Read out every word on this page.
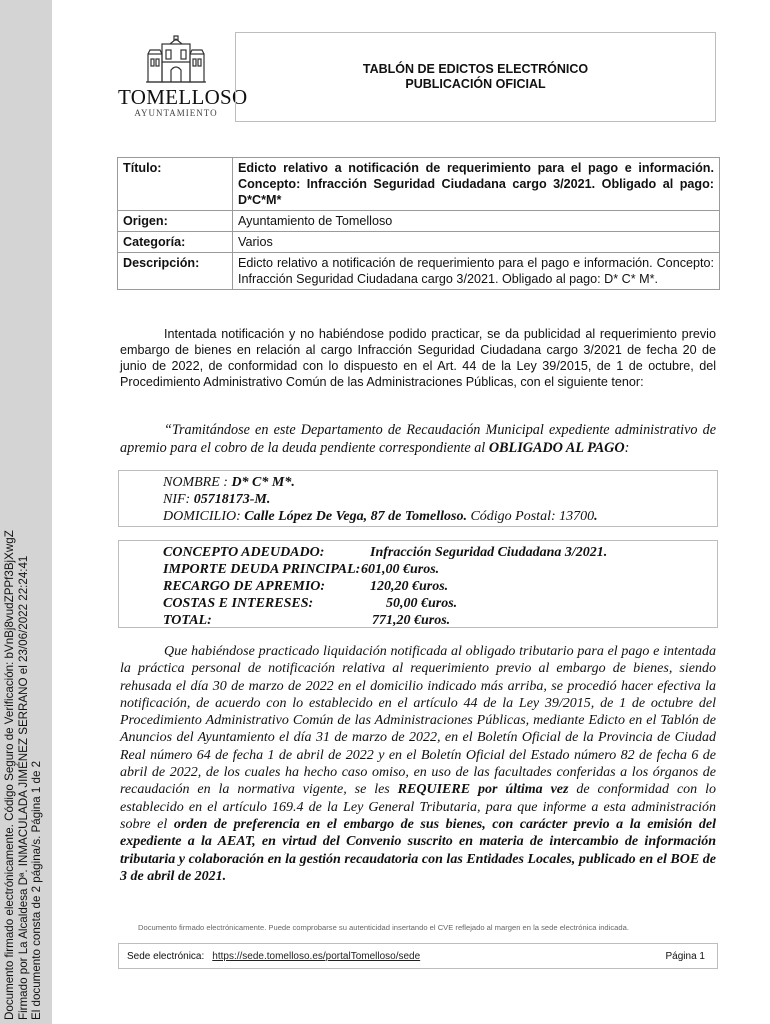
Documento firmado electrónicamente. Código Seguro de Verificación: bVnBj8vudZPPf3BjXwgZ Firmado por La Alcaldesa Dª. INMACULADA JIMÉNEZ SERRANO el 23/06/2022 22:24:41 El documento consta de 2 página/s. Página 1 de 2
TOMELLOSO
AYUNTAMIENTO
TABLÓN DE EDICTOS ELECTRÓNICO
PUBLICACIÓN OFICIAL
Título:	Edicto relativo a notificación de requerimiento para el pago e información. Concepto: Infracción Seguridad Ciudadana cargo 3/2021. Obligado al pago: D*C*M*
Origen:	Ayuntamiento de Tomelloso
Categoría:	Varios
Descripción:	Edicto relativo a notificación de requerimiento para el pago e información. Concepto: Infracción Seguridad Ciudadana cargo 3/2021. Obligado al pago: D* C* M*.

Intentada notificación y no habiéndose podido practicar, se da publicidad al requerimiento previo embargo de bienes en relación al cargo Infracción Seguridad Ciudadana cargo 3/2021 de fecha 20 de junio de 2022, de conformidad con lo dispuesto en el Art. 44 de la Ley 39/2015, de 1 de octubre, del Procedimiento Administrativo Común de las Administraciones Públicas, con el siguiente tenor:

“Tramitándose en este Departamento de Recaudación Municipal expediente administrativo de apremio para el cobro de la deuda pendiente correspondiente al OBLIGADO AL PAGO:

NOMBRE : D* C* M*.
NIF: 05718173-M.
DOMICILIO: Calle López De Vega, 87 de Tomelloso. Código Postal: 13700.
CONCEPTO ADEUDADO:	Infracción Seguridad Ciudadana 3/2021.
IMPORTE DEUDA PRINCIPAL: 601,00 €uros.
RECARGO DE APREMIO:	120,20 €uros.
COSTAS E INTERESES:	50,00 €uros.
TOTAL:	771,20 €uros.

Que habiéndose practicado liquidación notificada al obligado tributario para el pago e intentada la práctica personal de notificación relativa al requerimiento previo al embargo de bienes, siendo rehusada el día 30 de marzo de 2022 en el domicilio indicado más arriba, se procedió hacer efectiva la notificación, de acuerdo con lo establecido en el artículo 44 de la Ley 39/2015, de 1 de octubre del Procedimiento Administrativo Común de las Administraciones Públicas, mediante Edicto en el Tablón de Anuncios del Ayuntamiento el día 31 de marzo de 2022, en el Boletín Oficial de la Provincia de Ciudad Real número 64 de fecha 1 de abril de 2022 y en el Boletín Oficial del Estado número 82 de fecha 6 de abril de 2022, de los cuales ha hecho caso omiso, en uso de las facultades conferidas a los órganos de recaudación en la normativa vigente, se les REQUIERE por última vez de conformidad con lo establecido en el artículo 169.4 de la Ley General Tributaria, para que informe a esta administración sobre el orden de preferencia en el embargo de sus bienes, con carácter previo a la emisión del expediente a la AEAT, en virtud del Convenio suscrito en materia de intercambio de información tributaria y colaboración en la gestión recaudatoria con las Entidades Locales, publicado en el BOE de 3 de abril de 2021.

Documento firmado electrónicamente. Puede comprobarse su autenticidad insertando el CVE reflejado al margen en la sede electrónica indicada.
Sede electrónica: https://sede.tomelloso.es/portalTomelloso/sede	Página 1
